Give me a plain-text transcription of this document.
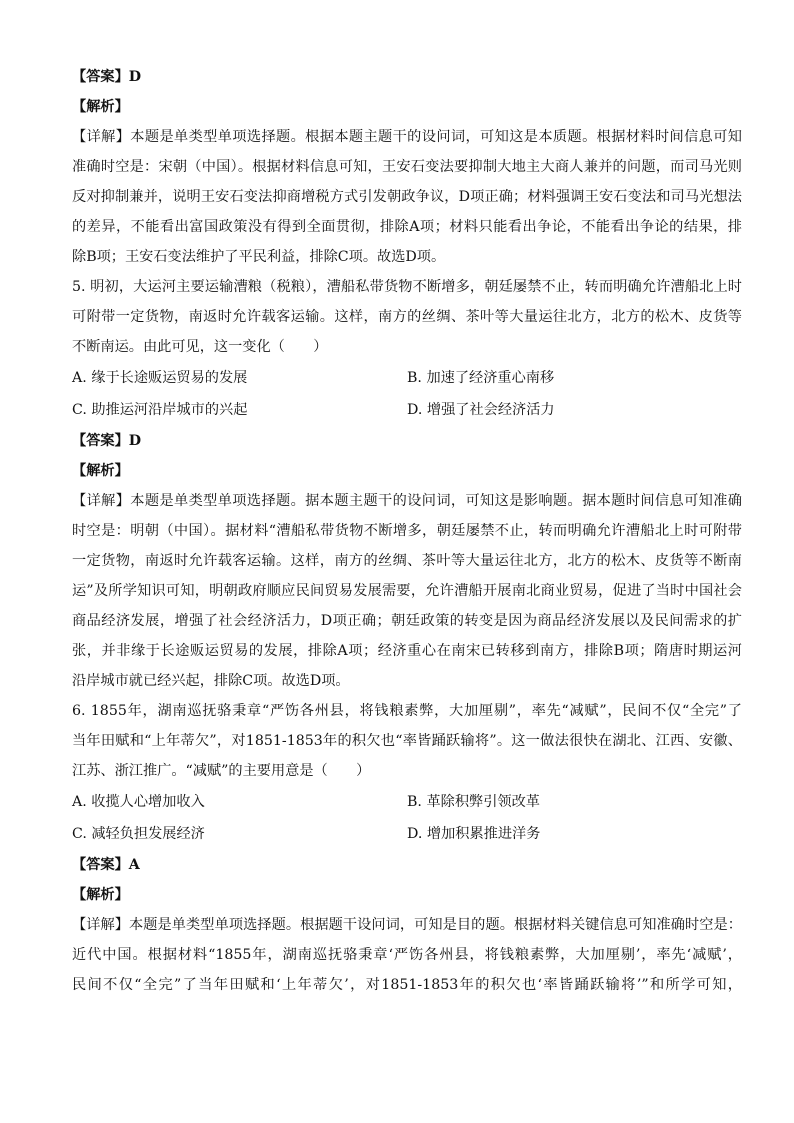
【答案】D
【解析】
【详解】本题是单类型单项选择题。根据本题主题干的设问词，可知这是本质题。根据材料时间信息可知
准确时空是：宋朝（中国）。根据材料信息可知，王安石变法要抑制大地主大商人兼并的问题，而司马光则
反对抑制兼并，说明王安石变法抑商增税方式引发朝政争议，D项正确；材料强调王安石变法和司马光想法
的差异，不能看出富国政策没有得到全面贯彻，排除A项；材料只能看出争论，不能看出争论的结果，排
除B项；王安石变法维护了平民利益，排除C项。故选D项。
5. 明初，大运河主要运输漕粮（税粮），漕船私带货物不断增多，朝廷屡禁不止，转而明确允许漕船北上时
可附带一定货物，南返时允许载客运输。这样，南方的丝绸、茶叶等大量运往北方，北方的松木、皮货等
不断南运。由此可见，这一变化（　　）
A. 缘于长途贩运贸易的发展	B. 加速了经济重心南移
C. 助推运河沿岸城市的兴起	D. 增强了社会经济活力
【答案】D
【解析】
【详解】本题是单类型单项选择题。据本题主题干的设问词，可知这是影响题。据本题时间信息可知准确
时空是：明朝（中国）。据材料“漕船私带货物不断增多，朝廷屡禁不止，转而明确允许漕船北上时可附带
一定货物，南返时允许载客运输。这样，南方的丝绸、茶叶等大量运往北方，北方的松木、皮货等不断南
运”及所学知识可知，明朝政府顺应民间贸易发展需要，允许漕船开展南北商业贸易，促进了当时中国社会
商品经济发展，增强了社会经济活力，D项正确；朝廷政策的转变是因为商品经济发展以及民间需求的扩
张，并非缘于长途贩运贸易的发展，排除A项；经济重心在南宋已转移到南方，排除B项；隋唐时期运河
沿岸城市就已经兴起，排除C项。故选D项。
6. 1855年，湖南巡抚骆秉章“严饬各州县，将钱粮素弊，大加厘剔”，率先“减赋”，民间不仅“全完”了
当年田赋和“上年蒂欠”，对1851-1853年的积欠也“率皆踊跃输将”。这一做法很快在湖北、江西、安徽、
江苏、浙江推广。“减赋”的主要用意是（　　）
A. 收揽人心增加收入	B. 革除积弊引领改革
C. 减轻负担发展经济	D. 增加积累推进洋务
【答案】A
【解析】
【详解】本题是单类型单项选择题。根据题干设问词，可知是目的题。根据材料关键信息可知准确时空是：
近代中国。根据材料“1855年，湖南巡抚骆秉章‘严饬各州县，将钱粮素弊，大加厘剔’，率先‘减赋’，
民间不仅“全完”了当年田赋和‘上年蒂欠’，对1851-1853年的积欠也‘率皆踊跃输将’”和所学可知，
